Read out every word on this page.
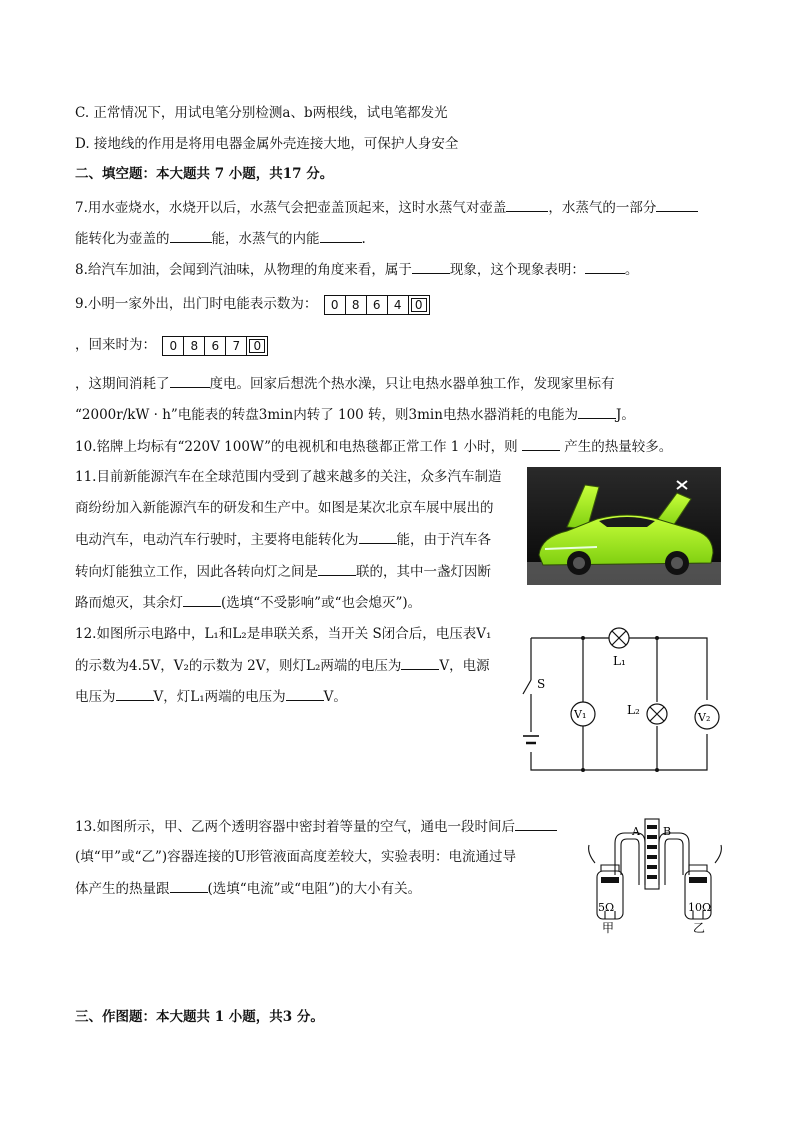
C. 正常情况下，用试电笔分别检测a、b两根线，试电笔都发光
D. 接地线的作用是将用电器金属外壳连接大地，可保护人身安全
二、填空题：本大题共 7 小题，共17 分。
7.用水壶烧水，水烧开以后，水蒸气会把壶盖顶起来，这时水蒸气对壶盖	，水蒸气的一部分
能转化为壶盖的	能，水蒸气的内能	.
8.给汽车加油，会闻到汽油味，从物理的角度来看，属于	现象，这个现象表明：	。
9.小明一家外出，出门时电能表示数为：	0	8	6	4	0
，回来时为：	0	8	6	7	0
，这期间消耗了	度电。回家后想洗个热水澡，只让电热水器单独工作，发现家里标有
“2000r/kW · h”电能表的转盘3min内转了 100 转，则3min电热水器消耗的电能为	J。
10.铭牌上均标有“220V 100W”的电视机和电热毯都正常工作 1 小时，则	产生的热量较多。
11.目前新能源汽车在全球范围内受到了越来越多的关注，众多汽车制造
商纷纷加入新能源汽车的研发和生产中。如图是某次北京车展中展出的
电动汽车，电动汽车行驶时，主要将电能转化为	能，由于汽车各
转向灯能独立工作，因此各转向灯之间是	联的，其中一盏灯因断
路而熄灭，其余灯	(选填“不受影响”或“也会熄灭”)。
12.如图所示电路中，L₁和L₂是串联关系，当开关 S闭合后，电压表V₁
的示数为4.5V，V₂的示数为 2V，则灯L₂两端的电压为	V，电源
电压为	V，灯L₁两端的电压为	V。
L₁
L₂
S
V₁	V₂
13.如图所示，甲、乙两个透明容器中密封着等量的空气，通电一段时间后
(填“甲”或“乙”)容器连接的U形管液面高度差较大，实验表明：电流通过导
体产生的热量跟	(选填“电流”或“电阻”)的大小有关。
A B
5Ω	10Ω
甲	乙
三、作图题：本大题共 1 小题，共3 分。
